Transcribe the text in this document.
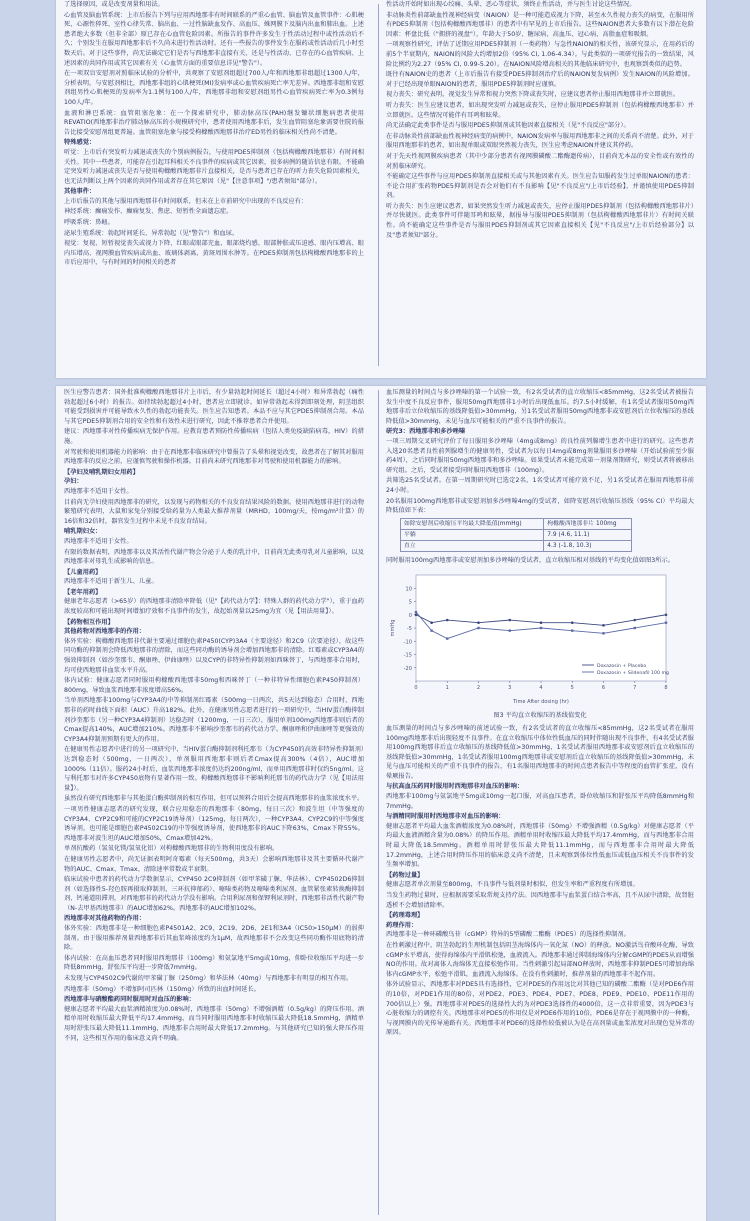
了选择原因，或是改变剂量和用法。

心血管及脑血管系统：上市后报告下列与应用西地那非有时间联系的严重心血管、脑血管及血管事件：心肌梗死、心源性猝死、室性心律失常、脑出血、一过性脑缺血发作、高血压、蛛网膜下及脑内出血和肺出血。上述患者绝大多数（但非全部）原已存在心血管危险因素。所报告的事件许多发生于性活动过程中或性活动后不久；个别发生在服用西地那非后不久尚未进行性活动时。还有一些报告的事件发生在服药或性活动后几小时至数天后。对于这些事件，尚无法确定它们是否与西地那非直接有关，还是与性活动、已存在的心血管疾病、上述因素的共同作用或其它因素有关（心血管方面的重要信息详见"警告"）。

在一项双盲安慰剂对照临床试验的分析中，共观察了安慰剂组超过700人/年和西地那非组超过1300人/年，分析表明，与安慰剂相比，西地那非组的心肌梗死(MI)发病率或心血管疾病死亡率无差异。西地那非组和安慰剂组男性心肌梗死的发病率为1.1例每100人/年，西地那非组和安慰剂组男性心血管疾病死亡率为0.3例每100人/年。

血液和淋巴系统：血管阻塞危象：在一个探索研究中，肺动脉高压(PAH)继发镰状细胞病患者使用REVATIO(西地那非治疗肺动脉高压的小规模研究中，患者使用西地那非后，发生血管阻塞危象需要住院的报告比接受安慰剂组更普遍。血管阻塞危象与接受枸橼酸西地那非治疗ED男性的临床相关性尚不清楚。

特殊感觉：

听觉：上市后有突发听力减退或丧失的个别病例报告，与使用PDE5抑制剂（包括枸橼酸西地那非）有时间相关性。其中一些患者，可能存在引起耳科相关不良事件的疾病或其它因素，很多病例的随访信息有限。不能确定突发听力减退或丧失是否与使用枸橼酸西地那非片直接相关，是否与患者已存在的听力丧失危险因素相关，也无法判断以上两个因素的共同作用或者存在其它原因（见"【注意事项】"/患者须知"部分）。

其他事件：

上市后报告的其他与服用西地那非有时间联系，但未在上市前研究中出现的不良反应有：

神经系统：癫痫发作、癫痫复发、焦虑、短暂性全面遗忘症。

呼吸系统：鼻衄。

泌尿生殖系统：勃起时间延长、异常勃起（见"警告"）和血尿。

视觉：复视、短暂视觉丧失或视力下降、红眼或眼部充血、眼部烧灼感、眼部肿胀或压迫感、眼内压增高、眼内压增高、视网膜血管疾病或出血、玻璃体剥离、黄斑周围水肿等。在PDE5抑制剂包括枸橼酸西地那非的上市后应用中，与有时间的时间相关的患者

性活动开始时如出现心绞痛、头晕、恶心等症状，须终止性活动，并与医生讨论这些情况。

非动脉炎性前部缺血性视神经病变（NAION）是一种可能造成视力下降，甚至永久性视力丧失的病变，在服用所有PDE5抑制剂（包括枸橼酸西地那非）的患者中有罕见的上市后报告。这些NAION患者大多数有以下潜在危险因素：杯盘比低（"拥挤的视盘"），年龄大于50岁、糖尿病、高血压、冠心病、高脂血症和吸烟。

一项观察性研究，评估了近期应用PDE5抑制剂（一类药物）与急性NAION的相关性，该研究显示，在用药后的前5个半衰期内，NAION的风险大约增加2倍（95% CI, 1.06-4.34）。与此类似的一项研究报告的一致结果，风险比例约为2.27（95% CI, 0.99-5.20）。在NAION风险增高相关的其他临床研究中，也观察到类似的趋势。

既往有NAION史的患者（上市后报告有接受PDE5抑制剂治疗后的NAION复发病例）发生NAION的风险增加。对于已经出现单眼NAION的患者，服用PDE5抑制剂时应谨慎。

视力丧失：研究表明，视觉发生异常和视力突然下降或丧失时，应建议患者停止服用西地那非并立即就医。

听力丧失：医生应建议患者，如出现突发听力减退或丧失，应停止服用PDE5抑制剂（包括枸橼酸西地那非）并立即就医。这些情况可能伴有耳鸣和眩晕。

尚无法确定此类事件是否与服用PDE5抑制剂或其他因素直接相关（见"不良反应"部分）。

在非动脉炎性前部缺血性视神经病变的病例中，NAION发病率与服用西地那非之间的关系尚不清楚。此外，对于服用西地那非的患者，如出现单眼或双眼突然视力丧失，医生应考虑NAION并建议其停药。

对于先天性视网膜疾病患者（其中少部分患者有视网膜磷酸二酯酶遗传病），目前尚无本品的安全性或有效性的对照临床研究。

不能确定这些事件与应用PDE5抑制剂直接相关或与其他因素有关。医生应告知服药发生过单眼NAION的患者：不论合用扩张药物PDE5抑制剂是否会对他们有不良影响【见"不良反应"/上市后经验】，并谨慎使用PDE5抑制剂。

听力丧失：医生应建议患者，如果突然发生听力减退或丧失，应停止服用PDE5抑制剂（包括枸橼酸西地那非片）并尽快就医。此类事件可伴随耳鸣和眩晕，据报导与服用PDE5抑制剂（包括枸橼酸西地那非片）有时间关联性。尚不能确定这些事件是否与服用PDE5抑制剂或其它因素直接相关【见"不良反应"/上市后经验部分】以及"患者须知"部分。

医生应警告患者：国外批准枸橼酸西地那非片上市后，有少量勃起时间延长（超过4小时）和异常勃起（痛性勃起超过6小时）的报告。如持续勃起超过4小时，患者应立即就诊。如异常勃起未得到即刻处理，阴茎组织可能受到损害并可能导致永久性的勃起功能丧失。医生应告知患者。本品不应与其它PDE5抑制剂合用。本品与其它PDE5抑制剂合用的安全性和有效性未进行研究，因此不推荐患者合并使用。

建议：西地那非对性传播疾病无保护作用。应教育患者预防性传播疾病（包括人类免疫缺陷病毒，HIV）的措施。

对驾驶和使用机器能力的影响：由于在西地那非临床研究中曾报告了头晕和视觉改变，故患者在了解其对服用西地那非的反应之前，应谨慎驾驶和操作机器。目前尚未研究西地那非对驾驶和使用机器能力的影响。

【孕妇及哺乳期妇女用药】

孕妇：

西地那非不适用于女性。

目前尚无孕妇使用西地那非的研究，以发现与药物相关的不良发育结果风险的数据。使用西地那非进行的动物繁殖研究表明，大鼠和家兔分别接受给药量为人类最大推荐剂量（MRHD，100mg/天，按mg/m²计算）的16倍和32倍时，器官发生过程中未见不良发育结局。

哺乳期妇女：

西地那非不适用于女性。

有限的数据表明，西地那非以及其活性代谢产物会分泌于人类的乳汁中，目前尚无此类母乳对儿童影响，以及西地那非对母乳生成影响的信息。

【儿童用药】

西地那非不适用于新生儿、儿童。

【老年用药】

健康老年志愿者（>65岁）的西地那非清除率降低（见"【药代动力学】：特殊人群的药代动力学"），重于血药浓度较高和可能出现时间增加疗效和不良事件的发生，故起始剂量以25mg为宜（见【用法用量】）。

【药物相互作用】

其他药物对西地那非的作用：

体外实验：枸橼酸西地那非代谢主要通过细胞色素P450(CYP)3A4（主要途径）和2C9（次要途径），故这些同功酶的抑制剂会降低西地那非的清除，而这些同功酶的诱导剂会增加西地那非的清除。红霉素或CYP3A4的强效抑制剂（如沙奎那韦、酮康唑、伊曲康唑）以及CYP的非特异性抑制剂如西咪替丁，与西地那非合用时，均可使西地那非血浆水平升高。

体内试验：健康志愿者同时服用枸橼酸西地那非50mg和西咪替丁（一种非特异性细胞色素P450抑制剂）800mg，导致血浆西地那非浓度增高56%。

当单剂西地那非100mg与CYP3A4的中等抑制剂红霉素（500mg一日两次，共5天达到稳态）合用时，西地那非的药时曲线下面积（AUC）升高182%。此外，在健康男性志愿者进行的一项研究中，当HIV蛋白酶抑制剂沙奎那韦（另一种CYP3A4抑制剂）达稳态时（1200mg，一日三次），服用单剂100mg西地那非则后者的Cmax提高140%，AUC增加210%。西地那非不影响沙奎那韦的药代动力学。酮康唑和伊曲康唑等更强效的CYP3A4抑制剂预期有更大的作用。

在健康男性志愿者中进行的另一项研究中，当HIV蛋白酶抑制剂利托那韦（为CYP450的高效非特异性抑制剂）达到稳态时（500mg，一日两次），单剂服用西地那非则后者Cmax提高300%（4倍），AUC增加1000%（11倍）。服药24小时后，血浆西地那非浓度仍达约200ng/ml，而单用西地那非时仅约5ng/ml。这与利托那韦对许多CYP450底物有显著作用一致。枸橼酸西地那非不影响利托那韦的药代动力学（见【用法用量】）。

虽然没有研究西地那非与其他蛋白酶抑制剂的相互作用，但可以预料合用后会提高西地那非的血浆浓度水平。

一项男性健康志愿者的研究发现，联合应用稳态的西地那非（80mg，每日三次）和波生坦（中等强度的CYP3A4、CYP2C9和可能的CYP2C19诱导剂）（125mg，每日两次），一种CYP3A4、CYP2C9的中等强度诱导剂，也可能是细胞色素P4502C19的中等强度诱导剂，使西地那非的AUC下降63%，Cmax下降55%。西地那非对波生坦的AUC增加50%，Cmax增加42%。

单剂抗酸药（氢氧化镁/氢氧化铝）对枸橼酸西地那非的生物利用度没有影响。

在健康男性志愿者中，尚无证据表明阿奇霉素（每天500mg，共3天）会影响西地那非及其主要循环代谢产物的AUC、Cmax、Tmax、清除速率常数或半衰期。

临床试验中患者的药代动力学数据显示，CYP450 2C9抑制剂（如甲苯磺丁脲、华法林）、CYP4502D6抑制剂（如选择性5-羟色胺再摄取抑制剂、三环抗抑郁药）、噻嗪类药物及噻嗪类利尿剂、血管紧张素转换酶抑制剂、钙通道阻滞剂，对西地那非的药代动力学没有影响。合用利尿剂和保钾利尿剂时，西地那非活性代谢产物（N-去甲基西地那非）的AUC增加62%。西地那非的AUC增加102%。

西地那非对其他药物的作用：

体外实验：西地那非是一种细胞色素P4501A2、2C9、2C19、2D6、2E1和3A4（IC50>150μM）的弱抑制剂。由于服用推荐剂量西地那非后其血浆峰浓度约为1μM，故西地那非不会改变这些同功酶作用底物的清除。

体内试验：在高血压患者同时服用西地那非（100mg）和氨氯地平5mg或10mg，仰卧位收缩压平均进一步降低8mmHg，舒张压平均进一步降低7mmHg。

未发现与CYP4502C9代谢的甲苯磺丁脲（250mg）和华法林（40mg）与西地那非有明显的相互作用。

西地那非（50mg）不增加阿司匹林（150mg）所致的出血时间延长。

西地那非与硝酸酯药同时服用时对血压的影响：

健康志愿者平均最大血浆酒精浓度为0.08%时，西地那非（50mg）不增强酒精（0.5g/kg）的降压作用。酒精单用时收缩压最大降低平均17.4mmHg，而当同时服用西地那非时收缩压最大降低18.5mmHg，酒精单用时舒张压最大降低11.1mmHg，西地那非合用时最大降低17.2mmHg。与其他研究已知的强大降压作用不同，这些相互作用的临床意义尚不明确。

血压测量的时间点与多沙唑嗪的第一个试验一致，有2名受试者的直立收缩压<85mmHg，这2名受试者被报告发生中度不良反应事件，服用50mg西地那非1小时后出现低血压。约7.5小时缓解，有1名受试者服用50mg西地那非后立位收缩压的基线降低值>30mmHg，另1名受试者服用50mg西地那非或安慰剂后立位收缩压的基线降低值>30mmHg，未见与血压可能相关的严重不良事件的报告。

研究3：西地那非和多沙唑嗪

一项三周期交叉研究评价了每日服用多沙唑嗪（4mg或8mg）的良性前列腺增生患者中进行的研究。这些患者入选20名患者良性前列腺增生的健康男性，受试者为以每日4mg或8mg剂量服用多沙唑嗪（开始试验前至少服药4周），之后同时服用50mg西地那非和多沙唑嗪。如果受试者未能完成第一剂量剂期研究，则受试者将被移出研究组。之后，受试者接受同时服用西地那非（100mg）。

共筛选25名受试者。在第一周期研究时已选定2名，1名受试者可能疗效不足，另1名受试者在服用西地那非前24小时。

20名服用100mg西地那非或安慰剂加多沙唑嗪4mg的受试者，如降安慰剂后收缩压基线（95% CI）平均最大降低值如下表：

如除安慰剂后收缩压平均最大降低值(mmHg)	枸橼酸西地那非片 100mg
平躺	7.9 (4.6, 11.1)
直立	4.3 (-1.8, 10.3)

同时服用100mg西地那非或安慰剂加多沙唑嗪的受试者，直立收缩压相对基线的平均变化值如图3所示。

10
5
0
-5
-10
-15
-20
0	1	2	3	4	5	6	7	8
Time After dosing (hr)
mmHg
Doxazosin + Placebo
Doxazosin + Sildenafil 100 mg
图3 平均直立收缩压的基线值变化

血压测量的时间点与多沙唑嗪的前述试验一致，有2名受试者的直立收缩压<85mmHg，这2名受试者在服用100mg西地那非后出现轻度不良事件。在直立收缩压中体位性低血压的同时伴随出现不良事件，有4名受试者服用100mg西地那非后直立收缩压的基线降低值>30mmHg，1名受试者服用西地那非或安慰剂后直立收缩压的基线降低值>30mmHg，1名受试者服用100mg西地那非或安慰剂后直立收缩压的基线降低值>30mmHg，未见与血压可能相关的严重不良事件的报告，有1名服用西地那非的时间点患者报告中等程度的血管扩张症，没有晕厥报告。

与抗高血压药同时服用时西地那非对血压的影响：

西地那非100mg与氨氯地平5mg或10mg一起口服，对高血压患者，卧位收缩压和舒张压平均降低8mmHg和7mmHg。

与酒精同时服用时西地那非对血压的影响：

健康志愿者平均最大血浆酒精浓度为0.08%时，西地那非（50mg）不增强酒精（0.5g/kg）对健康志愿者（平均最大血液酒精含量为0.08%）的降压作用。酒精单用时收缩压最大降低平均17.4mmHg，而与西地那非合用时最大降低18.5mmHg。酒精单用时舒张压最大降低11.1mmHg，而与西地那非合用时最大降低17.2mmHg，上述合用时降压作用的临床意义尚不清楚，且未观察到体位性低血压或低血压相关不良事件的发生频率增加。

【药物过量】

健康志愿者单次剂量至800mg，不良事件与低剂量时相似，但发生率和严重程度有所增加。

当发生药物过量时，应根据需要采取常规支持疗法。因西地那非与血浆蛋白结合率高，且不从尿中清除，故肾脏透析不会增加清除率。

【药理毒理】

药理作用：

西地那非是一种环磷酸鸟苷（cGMP）特异的5型磷酸二酯酶（PDE5）的选择性抑制剂。

在性刺激过程中，阴茎勃起的生理机制包括阴茎海绵体内一氧化氮（NO）的释放。NO激活鸟苷酸环化酶，导致cGMP水平增高，使得海绵体内平滑肌松弛，血液流入。西地那非通过抑制海绵体内分解cGMP的PDE5从而增强NO的作用。故对离体人海绵体无直接松弛作用。当性刺激引起局部NO释放时，西地那非抑制PDE5可增加海绵体内cGMP水平，松弛平滑肌，血液流入海绵体。在没有性刺激时，推荐剂量的西地那非不起作用。

体外试验显示，西地那非对PDE5具有选择性，它对PDE5的作用远比对其他已知的磷酸二酯酶（是对PDE6作用的10倍，对PDE1作用的80倍，对PDE2、PDE3、PDE4、PDE7、PDE8、PDE9、PDE10、PDE11作用的700倍以上）强。西地那非对PDE5的选择性大约为对PDE3选择性的4000倍，这一点非常重要，因为PDE3与心脏收缩力的调控有关。西地那非对PDE5的作用仅是对PDE6作用的10倍，PDE6是存在于视网膜中的一种酶，与视网膜内的光传导通路有关。西地那非对PDE6的选择性较低被认为是在高剂量或血浆浓度对出现色觉异常的原因。
